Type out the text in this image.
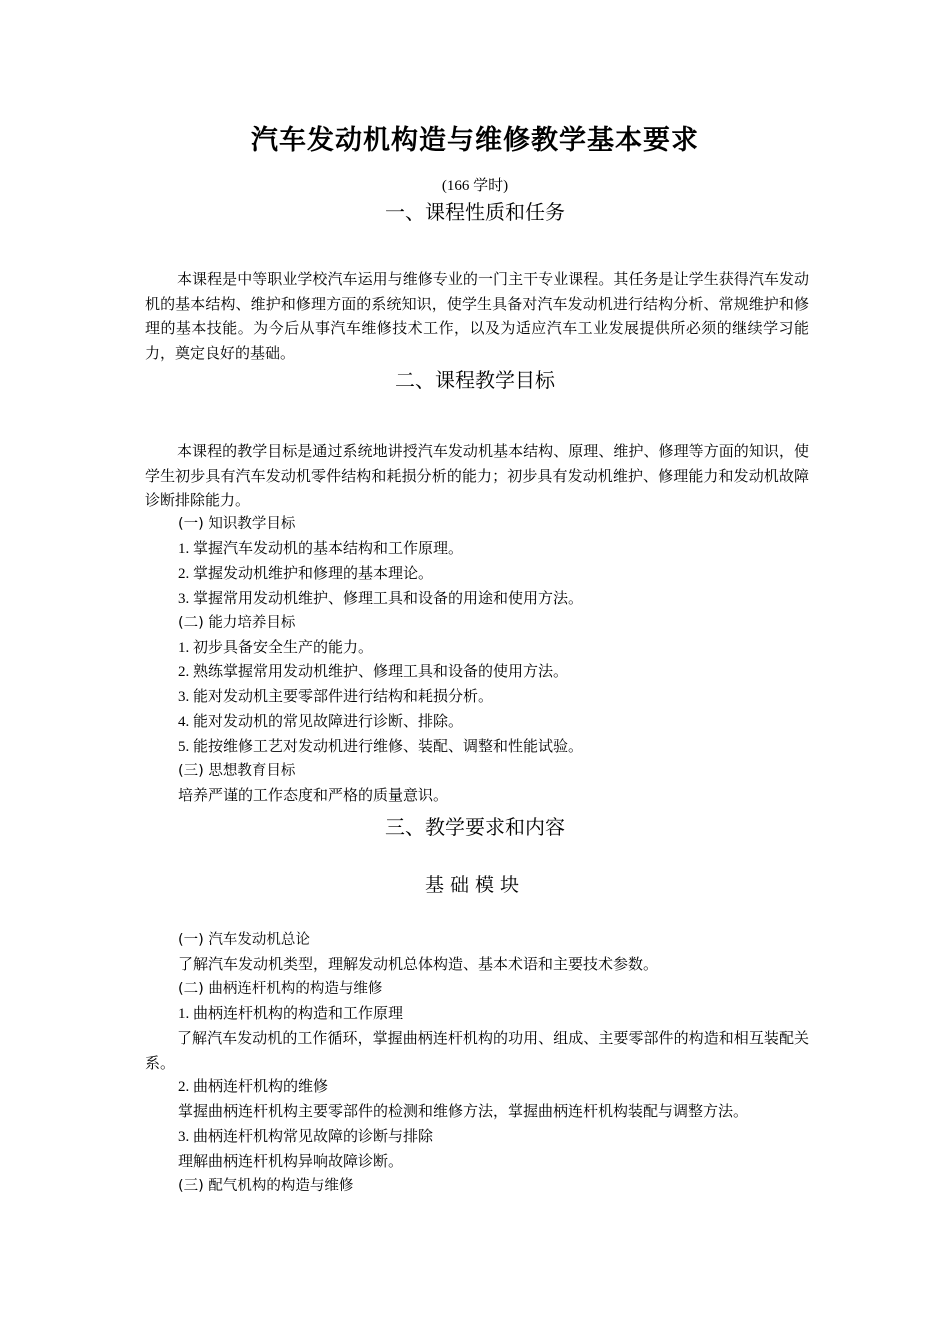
汽车发动机构造与维修教学基本要求
(166 学时)
一、课程性质和任务

本课程是中等职业学校汽车运用与维修专业的一门主干专业课程。其任务是让学生获得汽车发动机的基本结构、维护和修理方面的系统知识，使学生具备对汽车发动机进行结构分析、常规维护和修理的基本技能。为今后从事汽车维修技术工作，以及为适应汽车工业发展提供所必须的继续学习能力，奠定良好的基础。

二、课程教学目标

本课程的教学目标是通过系统地讲授汽车发动机基本结构、原理、维护、修理等方面的知识，使学生初步具有汽车发动机零件结构和耗损分析的能力；初步具有发动机维护、修理能力和发动机故障诊断排除能力。

(一) 知识教学目标
1. 掌握汽车发动机的基本结构和工作原理。
2. 掌握发动机维护和修理的基本理论。
3. 掌握常用发动机维护、修理工具和设备的用途和使用方法。
(二) 能力培养目标
1. 初步具备安全生产的能力。
2. 熟练掌握常用发动机维护、修理工具和设备的使用方法。
3. 能对发动机主要零部件进行结构和耗损分析。
4. 能对发动机的常见故障进行诊断、排除。
5. 能按维修工艺对发动机进行维修、装配、调整和性能试验。
(三) 思想教育目标
培养严谨的工作态度和严格的质量意识。
三、教学要求和内容
基础模块
(一) 汽车发动机总论
了解汽车发动机类型，理解发动机总体构造、基本术语和主要技术参数。
(二) 曲柄连杆机构的构造与维修
1. 曲柄连杆机构的构造和工作原理

了解汽车发动机的工作循环，掌握曲柄连杆机构的功用、组成、主要零部件的构造和相互装配关系。

2. 曲柄连杆机构的维修
掌握曲柄连杆机构主要零部件的检测和维修方法，掌握曲柄连杆机构装配与调整方法。
3. 曲柄连杆机构常见故障的诊断与排除
理解曲柄连杆机构异响故障诊断。
(三) 配气机构的构造与维修
